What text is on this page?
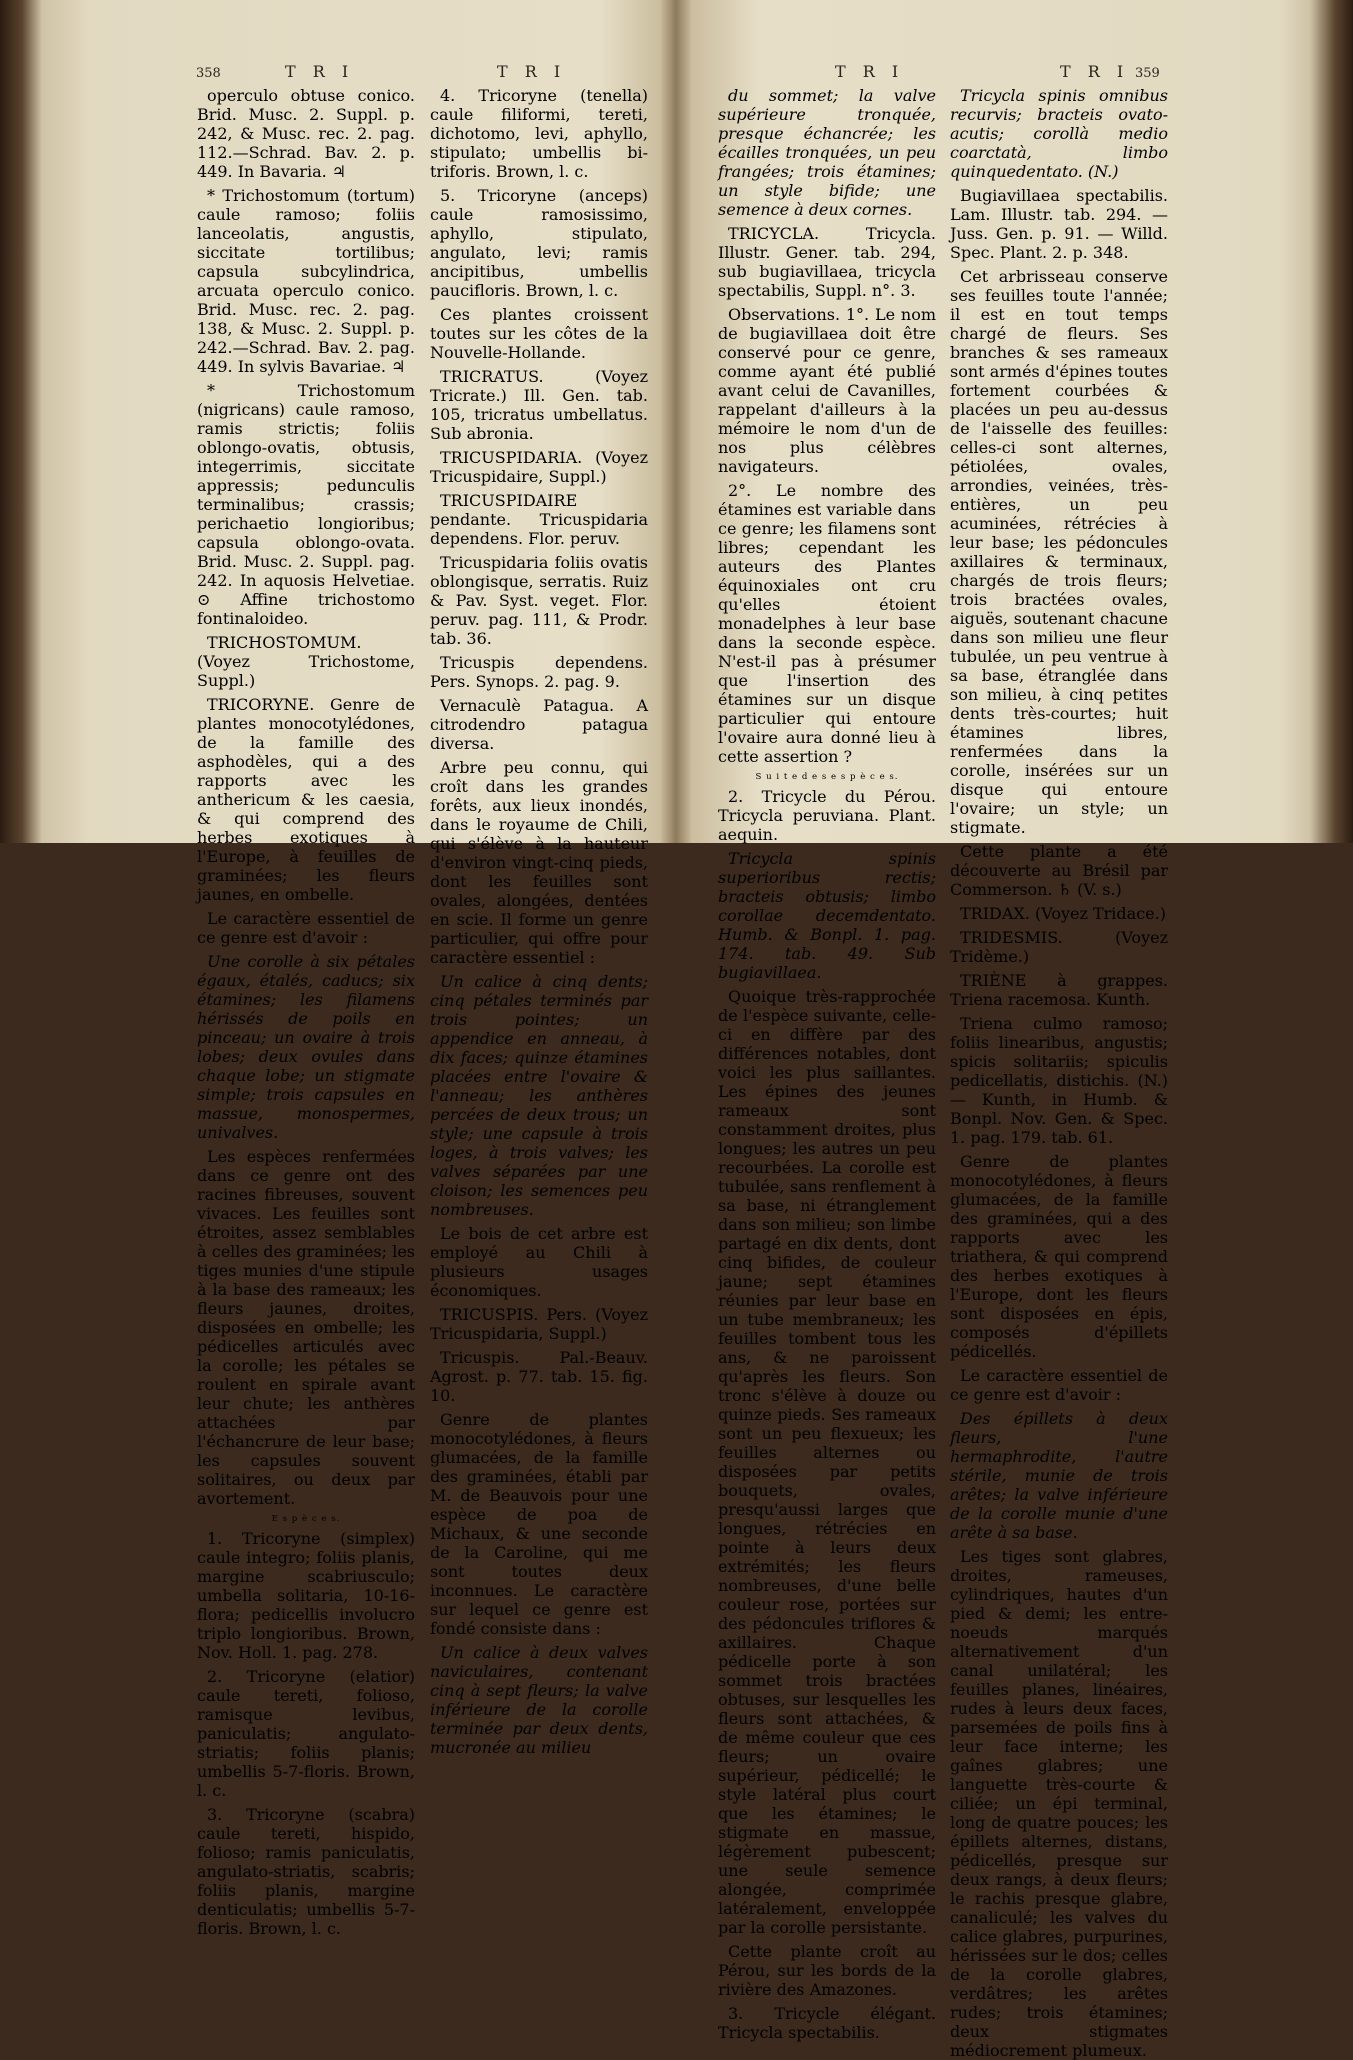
358	T R I	T R I

operculo obtuse conico. Brid. Musc. 2. Suppl. p. 242, & Musc. rec. 2. pag. 112.—Schrad. Bav. 2. p. 449. In Bavaria. ♃

* Trichostomum (tortum) caule ramoso; foliis lanceolatis, angustis, siccitate tortilibus; capsula subcylindrica, arcuata operculo conico. Brid. Musc. rec. 2. pag. 138, & Musc. 2. Suppl. p. 242.—Schrad. Bav. 2. pag. 449. In sylvis Bavariae. ♃

* Trichostomum (nigricans) caule ramoso, ramis strictis; foliis oblongo-ovatis, obtusis, integerrimis, siccitate appressis; pedunculis terminalibus; crassis; perichaetio longioribus; capsula oblongo-ovata. Brid. Musc. 2. Suppl. pag. 242. In aquosis Helvetiae. ⊙ Affine trichostomo fontinaloideo.

TRICHOSTOMUM. (Voyez Trichostome, Suppl.)

TRICORYNE. Genre de plantes monocotylédones, de la famille des asphodèles, qui a des rapports avec les anthericum & les caesia, & qui comprend des herbes exotiques à l'Europe, à feuilles de graminées; les fleurs jaunes, en ombelle.

Le caractère essentiel de ce genre est d'avoir :

Une corolle à six pétales égaux, étalés, caducs; six étamines; les filamens hérissés de poils en pinceau; un ovaire à trois lobes; deux ovules dans chaque lobe; un stigmate simple; trois capsules en massue, monospermes, univalves.

Les espèces renfermées dans ce genre ont des racines fibreuses, souvent vivaces. Les feuilles sont étroites, assez semblables à celles des graminées; les tiges munies d'une stipule à la base des rameaux; les fleurs jaunes, droites, disposées en ombelle; les pédicelles articulés avec la corolle; les pétales se roulent en spirale avant leur chute; les anthères attachées par l'échancrure de leur base; les capsules souvent solitaires, ou deux par avortement.

E s p è c e s.

1. Tricoryne (simplex) caule integro; foliis planis, margine scabriusculo; umbella solitaria, 10-16-flora; pedicellis involucro triplo longioribus. Brown, Nov. Holl. 1. pag. 278.

2. Tricoryne (elatior) caule tereti, folioso, ramisque levibus, paniculatis; angulato-striatis; foliis planis; umbellis 5-7-floris. Brown, l. c.

3. Tricoryne (scabra) caule tereti, hispido, folioso; ramis paniculatis, angulato-striatis, scabris; foliis planis, margine denticulatis; umbellis 5-7-floris. Brown, l. c.

4. Tricoryne (tenella) caule filiformi, tereti, dichotomo, levi, aphyllo, stipulato; umbellis bi-triforis. Brown, l. c.

5. Tricoryne (anceps) caule ramosissimo, aphyllo, stipulato, angulato, levi; ramis ancipitibus, umbellis paucifloris. Brown, l. c.

Ces plantes croissent toutes sur les côtes de la Nouvelle-Hollande.

TRICRATUS. (Voyez Tricrate.) Ill. Gen. tab. 105, tricratus umbellatus. Sub abronia.

TRICUSPIDARIA. (Voyez Tricuspidaire, Suppl.)

TRICUSPIDAIRE pendante. Tricuspidaria dependens. Flor. peruv.

Tricuspidaria foliis ovatis oblongisque, serratis. Ruiz & Pav. Syst. veget. Flor. peruv. pag. 111, & Prodr. tab. 36.

Tricuspis dependens. Pers. Synops. 2. pag. 9.

Vernaculè Patagua. A citrodendro patagua diversa.

Arbre peu connu, qui croît dans les grandes forêts, aux lieux inondés, dans le royaume de Chili, qui s'élève à la hauteur d'environ vingt-cinq pieds, dont les feuilles sont ovales, alongées, dentées en scie. Il forme un genre particulier, qui offre pour caractère essentiel :

Un calice à cinq dents; cinq pétales terminés par trois pointes; un appendice en anneau, à dix faces; quinze étamines placées entre l'ovaire & l'anneau; les anthères percées de deux trous; un style; une capsule à trois loges, à trois valves; les valves séparées par une cloison; les semences peu nombreuses.

Le bois de cet arbre est employé au Chili à plusieurs usages économiques.

TRICUSPIS. Pers. (Voyez Tricuspidaria, Suppl.)

Tricuspis. Pal.-Beauv. Agrost. p. 77. tab. 15. fig. 10.

Genre de plantes monocotylédones, à fleurs glumacées, de la famille des graminées, établi par M. de Beauvois pour une espèce de poa de Michaux, & une seconde de la Caroline, qui me sont toutes deux inconnues. Le caractère sur lequel ce genre est fondé consiste dans :

Un calice à deux valves naviculaires, contenant cinq à sept fleurs; la valve inférieure de la corolle terminée par deux dents, mucronée au milieu

T R I	T R I 359

du sommet; la valve supérieure tronquée, presque échancrée; les écailles tronquées, un peu frangées; trois étamines; un style bifide; une semence à deux cornes.

TRICYCLA. Tricycla. Illustr. Gener. tab. 294, sub bugiavillaea, tricycla spectabilis, Suppl. n°. 3.

Observations. 1°. Le nom de bugiavillaea doit être conservé pour ce genre, comme ayant été publié avant celui de Cavanilles, rappelant d'ailleurs à la mémoire le nom d'un de nos plus célèbres navigateurs.

2°. Le nombre des étamines est variable dans ce genre; les filamens sont libres; cependant les auteurs des Plantes équinoxiales ont cru qu'elles étoient monadelphes à leur base dans la seconde espèce. N'est-il pas à présumer que l'insertion des étamines sur un disque particulier qui entoure l'ovaire aura donné lieu à cette assertion ?

S u i t e d e s e s p è c e s.

2. Tricycle du Pérou. Tricycla peruviana. Plant. aequin.

Tricycla spinis superioribus rectis; bracteis obtusis; limbo corollae decemdentato. Humb. & Bonpl. 1. pag. 174. tab. 49. Sub bugiavillaea.

Quoique très-rapprochée de l'espèce suivante, celle-ci en diffère par des différences notables, dont voici les plus saillantes. Les épines des jeunes rameaux sont constamment droites, plus longues; les autres un peu recourbées. La corolle est tubulée, sans renflement à sa base, ni étranglement dans son milieu; son limbe partagé en dix dents, dont cinq bifides, de couleur jaune; sept étamines réunies par leur base en un tube membraneux; les feuilles tombent tous les ans, & ne paroissent qu'après les fleurs. Son tronc s'élève à douze ou quinze pieds. Ses rameaux sont un peu flexueux; les feuilles alternes ou disposées par petits bouquets, ovales, presqu'aussi larges que longues, rétrécies en pointe à leurs deux extrémités; les fleurs nombreuses, d'une belle couleur rose, portées sur des pédoncules triflores & axillaires. Chaque pédicelle porte à son sommet trois bractées obtuses, sur lesquelles les fleurs sont attachées, & de même couleur que ces fleurs; un ovaire supérieur, pédicellé; le style latéral plus court que les étamines; le stigmate en massue, légèrement pubescent; une seule semence alongée, comprimée latéralement, enveloppée par la corolle persistante.

Cette plante croît au Pérou, sur les bords de la rivière des Amazones.

3. Tricycle élégant. Tricycla spectabilis.

Tricycla spinis omnibus recurvis; bracteis ovato-acutis; corollà medio coarctatà, limbo quinquedentato. (N.)

Bugiavillaea spectabilis. Lam. Illustr. tab. 294. — Juss. Gen. p. 91. — Willd. Spec. Plant. 2. p. 348.

Cet arbrisseau conserve ses feuilles toute l'année; il est en tout temps chargé de fleurs. Ses branches & ses rameaux sont armés d'épines toutes fortement courbées & placées un peu au-dessus de l'aisselle des feuilles: celles-ci sont alternes, pétiolées, ovales, arrondies, veinées, très-entières, un peu acuminées, rétrécies à leur base; les pédoncules axillaires & terminaux, chargés de trois fleurs; trois bractées ovales, aiguës, soutenant chacune dans son milieu une fleur tubulée, un peu ventrue à sa base, étranglée dans son milieu, à cinq petites dents très-courtes; huit étamines libres, renfermées dans la corolle, insérées sur un disque qui entoure l'ovaire; un style; un stigmate.

Cette plante a été découverte au Brésil par Commerson. ♄ (V. s.)

TRIDAX. (Voyez Tridace.)

TRIDESMIS. (Voyez Tridème.)

TRIÈNE à grappes. Triena racemosa. Kunth.

Triena culmo ramoso; foliis linearibus, angustis; spicis solitariis; spiculis pedicellatis, distichis. (N.) — Kunth, in Humb. & Bonpl. Nov. Gen. & Spec. 1. pag. 179. tab. 61.

Genre de plantes monocotylédones, à fleurs glumacées, de la famille des graminées, qui a des rapports avec les triathera, & qui comprend des herbes exotiques à l'Europe, dont les fleurs sont disposées en épis, composés d'épillets pédicellés.

Le caractère essentiel de ce genre est d'avoir :

Des épillets à deux fleurs, l'une hermaphrodite, l'autre stérile, munie de trois arêtes; la valve inférieure de la corolle munie d'une arête à sa base.

Les tiges sont glabres, droites, rameuses, cylindriques, hautes d'un pied & demi; les entre-noeuds marqués alternativement d'un canal unilatéral; les feuilles planes, linéaires, rudes à leurs deux faces, parsemées de poils fins à leur face interne; les gaînes glabres; une languette très-courte & ciliée; un épi terminal, long de quatre pouces; les épillets alternes, distans, pédicellés, presque sur deux rangs, à deux fleurs; le rachis presque glabre, canaliculé; les valves du calice glabres, purpurines, hérissées sur le dos; celles de la corolle glabres, verdâtres; les arêtes rudes; trois étamines; deux stigmates médiocrement plumeux.
